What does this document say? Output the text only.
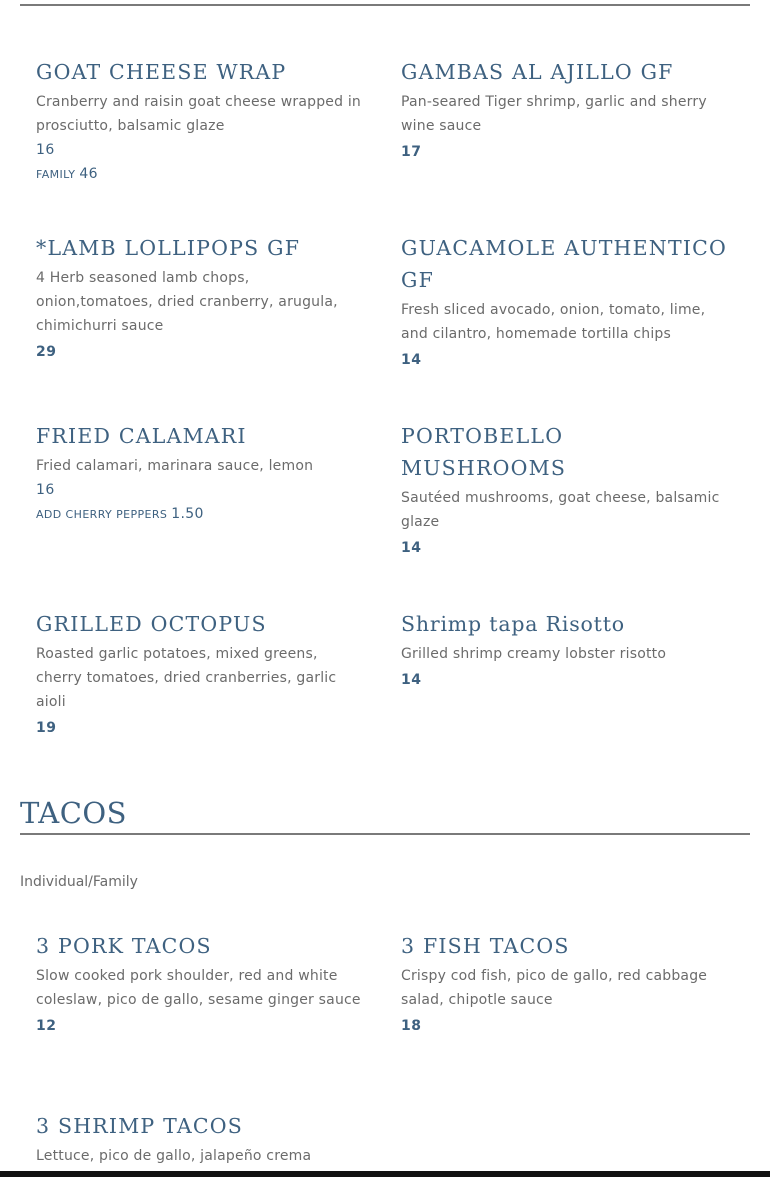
GOAT CHEESE WRAP
Cranberry and raisin goat cheese wrapped in prosciutto, balsamic glaze
16
FAMILY 46
GAMBAS AL AJILLO GF
Pan-seared Tiger shrimp, garlic and sherry wine sauce
17
*LAMB LOLLIPOPS GF
4 Herb seasoned lamb chops, onion,tomatoes, dried cranberry, arugula, chimichurri sauce
29
GUACAMOLE AUTHENTICO GF
Fresh sliced avocado, onion, tomato, lime, and cilantro, homemade tortilla chips
14
FRIED CALAMARI
Fried calamari, marinara sauce, lemon
16
ADD CHERRY PEPPERS 1.50
PORTOBELLO MUSHROOMS
Sautéed mushrooms, goat cheese, balsamic glaze
14
GRILLED OCTOPUS
Roasted garlic potatoes, mixed greens, cherry tomatoes, dried cranberries, garlic aioli
19
Shrimp tapa Risotto
Grilled shrimp creamy lobster risotto
14
TACOS
Individual/Family
3 PORK TACOS
Slow cooked pork shoulder, red and white coleslaw, pico de gallo, sesame ginger sauce
12
3 FISH TACOS
Crispy cod fish, pico de gallo, red cabbage salad, chipotle sauce
18
3 SHRIMP TACOS
Lettuce, pico de gallo, jalapeño crema
